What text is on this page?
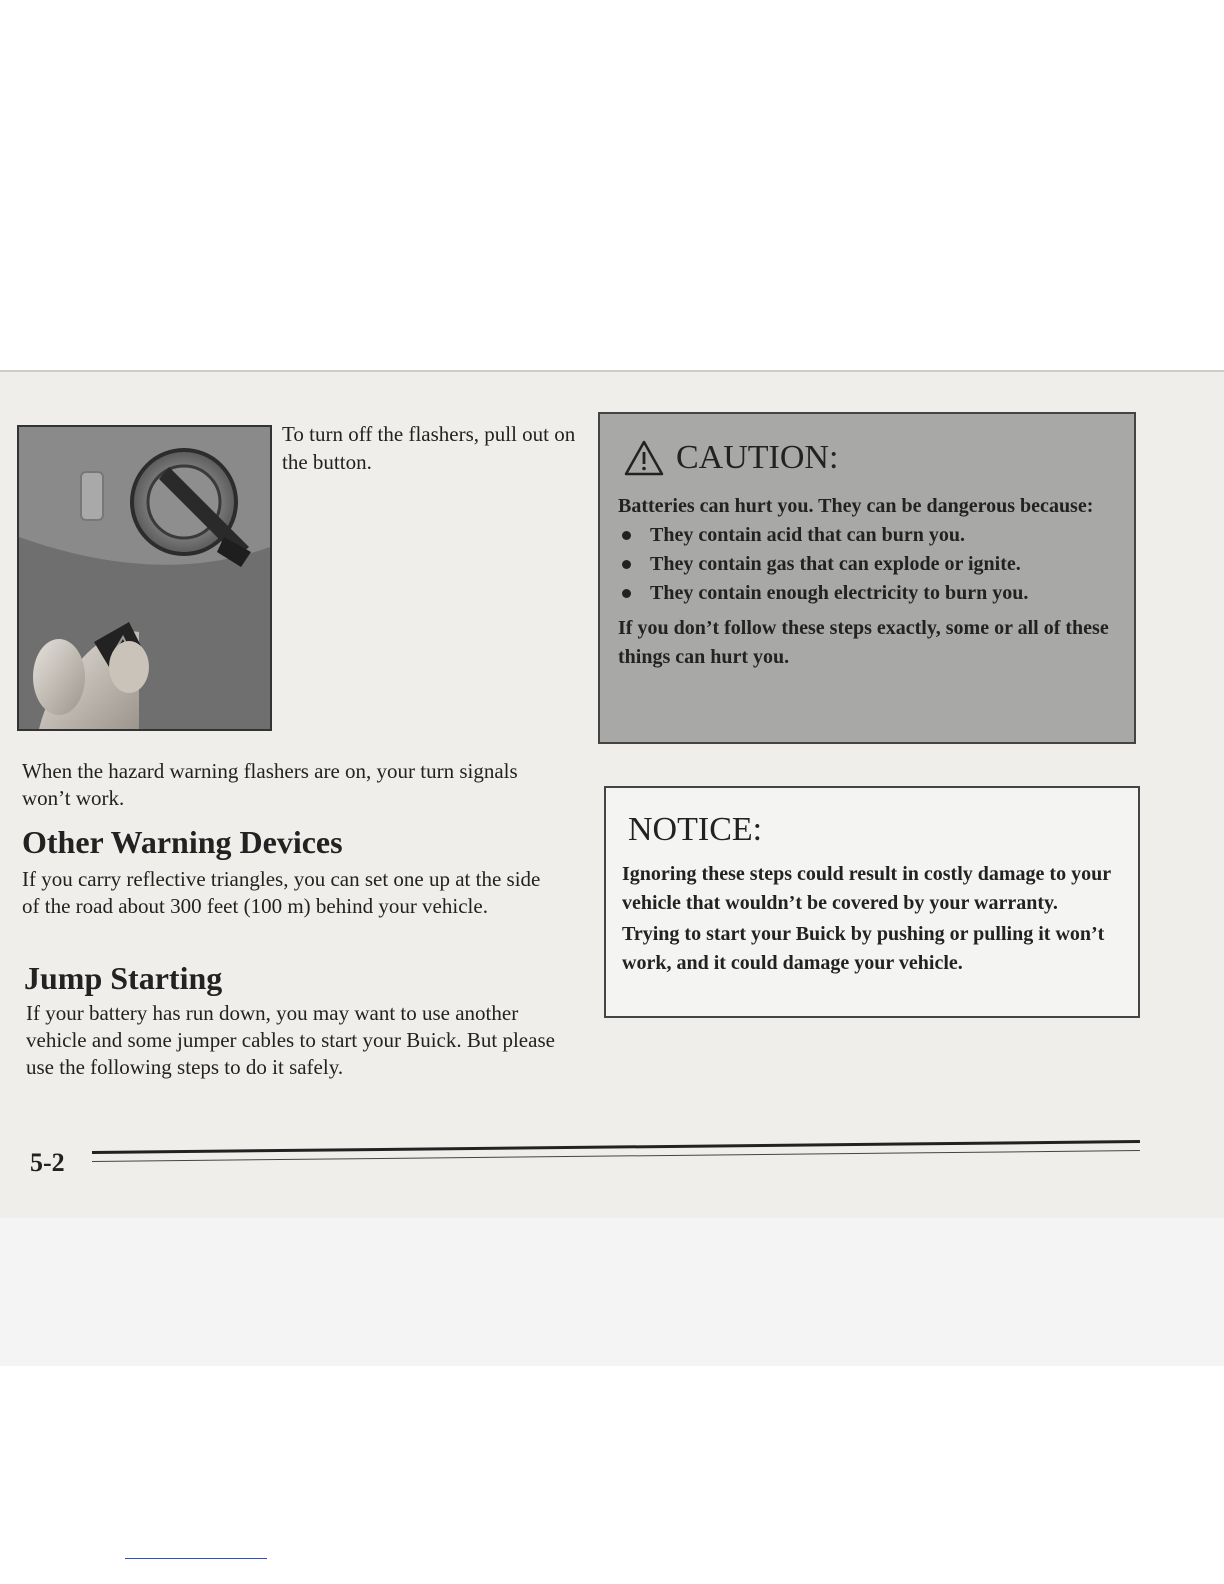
To turn off the flashers, pull out on the button.
When the hazard warning flashers are on, your turn signals won’t work.
Other Warning Devices
If you carry reflective triangles, you can set one up at the side of the road about 300 feet (100 m) behind your vehicle.
Jump Starting
If your battery has run down, you may want to use another vehicle and some jumper cables to start your Buick. But please use the following steps to do it safely.
CAUTION:

Batteries can hurt you. They can be dangerous because:

They contain acid that can burn you.
They contain gas that can explode or ignite.
They contain enough electricity to burn you.

If you don’t follow these steps exactly, some or all of these things can hurt you.

NOTICE:

Ignoring these steps could result in costly damage to your vehicle that wouldn’t be covered by your warranty.

Trying to start your Buick by pushing or pulling it won’t work, and it could damage your vehicle.

5-2
